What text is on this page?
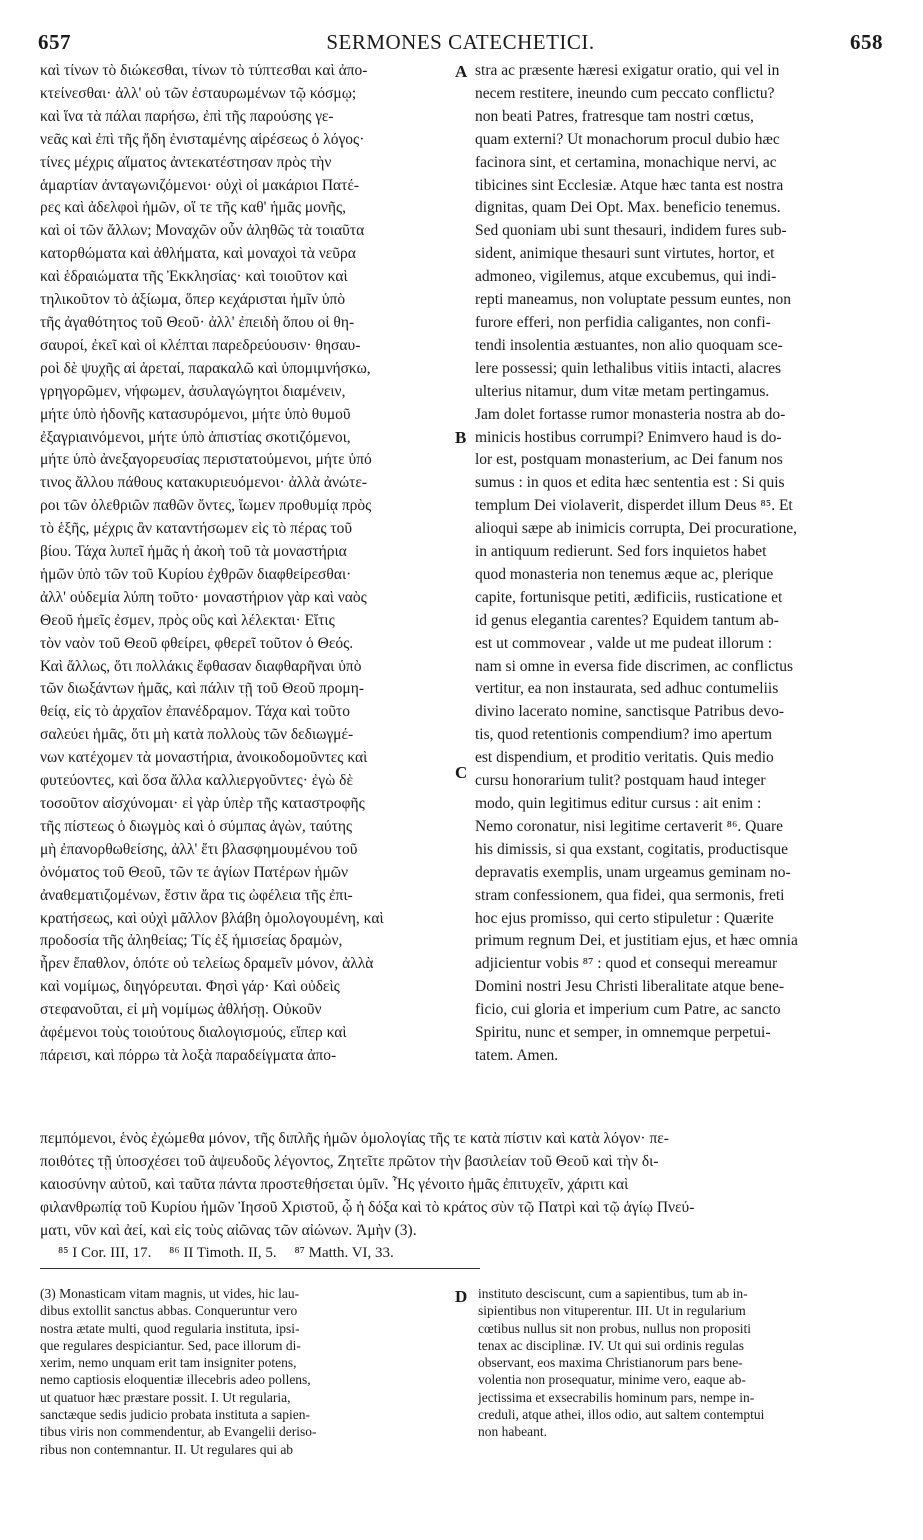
657	SERMONES CATECHETICI.	658
καὶ τίνων τὸ διώκεσθαι, τίνων τὸ τύπτεσθαι καὶ ἀπο-
κτείνεσθαι· ἀλλ' οὐ τῶν ἐσταυρωμένων τῷ κόσμῳ;
καὶ ἵνα τὰ πάλαι παρήσω, ἐπὶ τῆς παρούσης γε-
νεᾶς καὶ ἐπὶ τῆς ἤδη ἐνισταμένης αἱρέσεως ὁ λόγος·
τίνες μέχρις αἵματος ἀντεκατέστησαν πρὸς τὴν
ἁμαρτίαν ἀνταγωνιζόμενοι· οὐχὶ οἱ μακάριοι Πατέ-
ρες καὶ ἀδελφοὶ ἡμῶν, οἵ τε τῆς καθ' ἡμᾶς μονῆς,
καὶ οἱ τῶν ἄλλων; Μοναχῶν οὖν ἀληθῶς τὰ τοιαῦτα
κατορθώματα καὶ ἀθλήματα, καὶ μοναχοὶ τὰ νεῦρα
καὶ ἑδραιώματα τῆς Ἐκκλησίας· καὶ τοιοῦτον καὶ
τηλικοῦτον τὸ ἀξίωμα, ὅπερ κεχάρισται ἡμῖν ὑπὸ
τῆς ἀγαθότητος τοῦ Θεοῦ· ἀλλ' ἐπειδὴ ὅπου οἱ θη-
σαυροί, ἐκεῖ καὶ οἱ κλέπται παρεδρεύουσιν· θησαυ-
ροὶ δὲ ψυχῆς αἱ ἀρεταί, παρακαλῶ καὶ ὑπομιμνήσκω,
γρηγορῶμεν, νήφωμεν, ἀσυλαγώγητοι διαμένειν,
μήτε ὑπὸ ἡδονῆς κατασυρόμενοι, μήτε ὑπὸ θυμοῦ
ἐξαγριαινόμενοι, μήτε ὑπὸ ἀπιστίας σκοτιζόμενοι,
μήτε ὑπὸ ἀνεξαγορευσίας περιστατούμενοι, μήτε ὑπό
τινος ἄλλου πάθους κατακυριευόμενοι· ἀλλὰ ἀνώτε-
ροι τῶν ὀλεθριῶν παθῶν ὄντες, ἴωμεν προθυμίᾳ πρὸς
τὸ ἑξῆς, μέχρις ἂν καταντήσωμεν εἰς τὸ πέρας τοῦ
βίου. Τάχα λυπεῖ ἡμᾶς ἡ ἀκοὴ τοῦ τὰ μοναστήρια
ἡμῶν ὑπὸ τῶν τοῦ Κυρίου ἐχθρῶν διαφθείρεσθαι·
ἀλλ' οὐδεμία λύπη τοῦτο· μοναστήριον γὰρ καὶ ναὸς
Θεοῦ ἡμεῖς ἐσμεν, πρὸς οὓς καὶ λέλεκται· Εἴτις
τὸν ναὸν τοῦ Θεοῦ φθείρει, φθερεῖ τοῦτον ὁ Θεός.
Καὶ ἄλλως, ὅτι πολλάκις ἔφθασαν διαφθαρῆναι ὑπὸ
τῶν διωξάντων ἡμᾶς, καὶ πάλιν τῇ τοῦ Θεοῦ προμη-
θείᾳ, εἰς τὸ ἀρχαῖον ἐπανέδραμον. Τάχα καὶ τοῦτο
σαλεύει ἡμᾶς, ὅτι μὴ κατὰ πολλοὺς τῶν δεδιωγμέ-
νων κατέχομεν τὰ μοναστήρια, ἀνοικοδομοῦντες καὶ
φυτεύοντες, καὶ ὅσα ἄλλα καλλιεργοῦντες· ἐγὼ δὲ
τοσοῦτον αἰσχύνομαι· εἰ γὰρ ὑπὲρ τῆς καταστροφῆς
τῆς πίστεως ὁ διωγμὸς καὶ ὁ σύμπας ἀγὼν, ταύτης
μὴ ἐπανορθωθείσης, ἀλλ' ἔτι βλασφημουμένου τοῦ
ὀνόματος τοῦ Θεοῦ, τῶν τε ἁγίων Πατέρων ἡμῶν
ἀναθεματιζομένων, ἔστιν ἄρα τις ὠφέλεια τῆς ἐπι-
κρατήσεως, καὶ οὐχὶ μᾶλλον βλάβη ὁμολογουμένη, καὶ
προδοσία τῆς ἀληθείας; Τίς ἐξ ἡμισείας δραμὼν,
ἦρεν ἔπαθλον, ὁπότε οὐ τελείως δραμεῖν μόνον, ἀλλὰ
καὶ νομίμως, διηγόρευται. Φησὶ γάρ· Καὶ οὐδεὶς
στεφανοῦται, εἰ μὴ νομίμως ἀθλήσῃ. Οὐκοῦν
ἀφέμενοι τοὺς τοιούτους διαλογισμούς, εἴπερ καὶ
πάρεισι, καὶ πόρρω τὰ λοξὰ παραδείγματα ἀπο-
stra ac præsente hæresi exigatur oratio, qui vel in
necem restitere, ineundo cum peccato conflictu?
non beati Patres, fratresque tam nostri cœtus,
quam externi? Ut monachorum procul dubio hæc
facinora sint, et certamina, monachique nervi, ac
tibicines sint Ecclesiæ. Atque hæc tanta est nostra
dignitas, quam Dei Opt. Max. beneficio tenemus.
Sed quoniam ubi sunt thesauri, indidem fures sub-
sident, animique thesauri sunt virtutes, hortor, et
admoneo, vigilemus, atque excubemus, qui indi-
repti maneamus, non voluptate pessum euntes, non
furore efferi, non perfidia caligantes, non confi-
tendi insolentia æstuantes, non alio quoquam sce-
lere possessi; quin lethalibus vitiis intacti, alacres
ulterius nitamur, dum vitæ metam pertingamus.
Jam dolet fortasse rumor monasteria nostra ab do-
minicis hostibus corrumpi? Enimvero haud is do-
lor est, postquam monasterium, ac Dei fanum nos
sumus : in quos et edita hæc sententia est : Si quis
templum Dei violaverit, disperdet illum Deus ⁸⁵. Et
alioqui sæpe ab inimicis corrupta, Dei procuratione,
in antiquum redierunt. Sed fors inquietos habet
quod monasteria non tenemus æque ac, plerique
capite, fortunisque petiti, ædificiis, rusticatione et
id genus elegantia carentes? Equidem tantum ab-
est ut commovear , valde ut me pudeat illorum :
nam si omne in eversa fide discrimen, ac conflictus
vertitur, ea non instaurata, sed adhuc contumeliis
divino lacerato nomine, sanctisque Patribus devo-
tis, quod retentionis compendium? imo apertum
est dispendium, et proditio veritatis. Quis medio
cursu honorarium tulit? postquam haud integer
modo, quin legitimus editur cursus : ait enim :
Nemo coronatur, nisi legitime certaverit ⁸⁶. Quare
his dimissis, si qua exstant, cogitatis, productisque
depravatis exemplis, unam urgeamus geminam no-
stram confessionem, qua fidei, qua sermonis, freti
hoc ejus promisso, qui certo stipuletur : Quærite
primum regnum Dei, et justitiam ejus, et hæc omnia
adjicientur vobis ⁸⁷ : quod et consequi mereamur
Domini nostri Jesu Christi liberalitate atque bene-
ficio, cui gloria et imperium cum Patre, ac sancto
Spiritu, nunc et semper, in omnemque perpetui-
tatem. Amen.
A
B
C
D
πεμπόμενοι, ἑνὸς ἐχώμεθα μόνον, τῆς διπλῆς ἡμῶν ὁμολογίας τῆς τε κατὰ πίστιν καὶ κατὰ λόγον· πε-
ποιθότες τῇ ὑποσχέσει τοῦ ἀψευδοῦς λέγοντος, Ζητεῖτε πρῶτον τὴν βασιλείαν τοῦ Θεοῦ καὶ τὴν δι-
καιοσύνην αὐτοῦ, καὶ ταῦτα πάντα προστεθήσεται ὑμῖν. Ἧς γένοιτο ἡμᾶς ἐπιτυχεῖν, χάριτι καὶ
φιλανθρωπίᾳ τοῦ Κυρίου ἡμῶν Ἰησοῦ Χριστοῦ, ᾧ ἡ δόξα καὶ τὸ κράτος σὺν τῷ Πατρὶ καὶ τῷ ἁγίῳ Πνεύ-
ματι, νῦν καὶ ἀεί, καὶ εἰς τοὺς αἰῶνας τῶν αἰώνων. Ἀμὴν (3).
⁸⁵ I Cor. III, 17. ⁸⁶ II Timoth. II, 5. ⁸⁷ Matth. VI, 33.
(3) Monasticam vitam magnis, ut vides, hic lau-
dibus extollit sanctus abbas. Conqueruntur vero
nostra ætate multi, quod regularia instituta, ipsi-
que regulares despiciantur. Sed, pace illorum di-
xerim, nemo unquam erit tam insigniter potens,
nemo captiosis eloquentiæ illecebris adeo pollens,
ut quatuor hæc præstare possit. I. Ut regularia,
sanctæque sedis judicio probata instituta a sapien-
tibus viris non commendentur, ab Evangelii deriso-
ribus non contemnantur. II. Ut regulares qui ab
instituto desciscunt, cum a sapientibus, tum ab in-
sipientibus non vituperentur. III. Ut in regularium
cœtibus nullus sit non probus, nullus non propositi
tenax ac disciplinæ. IV. Ut qui sui ordinis regulas
observant, eos maxima Christianorum pars bene-
volentia non prosequatur, minime vero, eaque ab-
jectissima et exsecrabilis hominum pars, nempe in-
creduli, atque athei, illos odio, aut saltem contemptui
non habeant.
